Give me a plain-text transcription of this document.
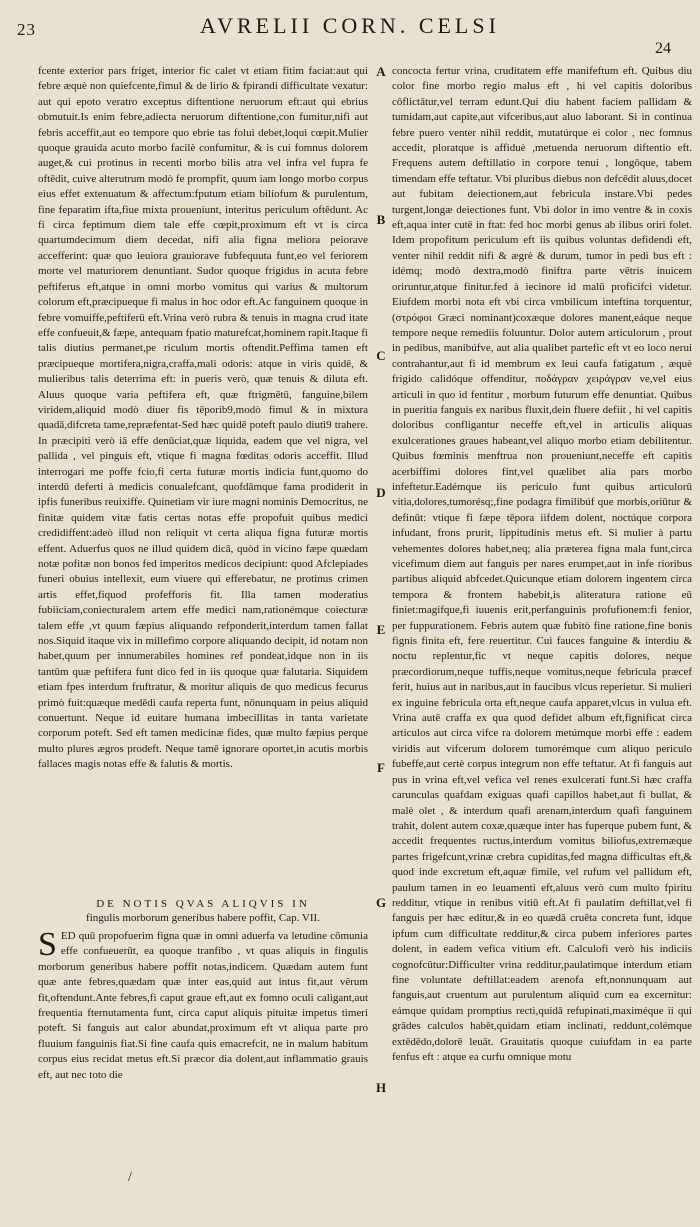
23	AVRELII CORN. CELSI
24

fcente exterior pars friget, interior fic calet vt etiam fitim faciat:aut qui febre æquè non quiefcente,fimul & de lirio & fpirandi difficultate vexatur: aut qui epoto veratro exceptus diftentione neruorum eft:aut qui ebrius obmutuit.Is enim febre,adiecta neruorum diftentione,con fumitur,nifi aut febris acceffit,aut eo tempore quo ebrie tas folui debet,loqui cœpit.Mulier quoque grauida acuto morbo facilè confumitur, & is cui fomnus dolorem auget,& cui protinus in recenti morbo bilis atra vel infra vel fupra fe oftēdit, cuive alterutrum modò fe prompfit, quum iam longo morbo corpus eius effet extenuatum & affectum:fputum etiam biliofum & purulentum, fine feparatim ifta,fiue mixta proueniunt, interitus periculum oftēdunt. Ac fi circa feptimum diem tale effe cœpit,proximum eft vt is circa quartumdecimum diem decedat, nifi alia figna meliora peiorave accefferint: quæ quo leuiora grauiorave fubfequuta funt,eo vel feriorem morte vel maturiorem denuntiant. Sudor quoque frigidus in acuta febre peftiferus eft,atque in omni morbo vomitus qui varius & multorum colorum eft,præcipueque fi malus in hoc odor eft.Ac fanguinem quoque in febre vomuiffe,peftiferū eft.Vrina verò rubra & tenuis in magna crud itate effe confueuit,& fæpe, antequam fpatio maturefcat,hominem rapit.Itaque fi talis diutius permanet,pe riculum mortis oftendit.Peffima tamen eft præcipueque mortifera,nigra,craffa,mali odoris: atque in viris quidē, & mulieribus talis deterrima eft: in pueris verò, quæ tenuis & diluta eft. Aluus quoque varia peftifera eft, quæ ftrigmētū, fanguine,bilem viridem,aliquid modò diuer fis tēporib9,modò fimul & in mixtura quadā,difcreta tame,repræfentat-Sed hæc quidē poteft paulo diuti9 trahere. In præcipiti verò iā effe denūciat,quæ liquida, eadem que vel nigra, vel pallida , vel pinguis eft, vtique fi magna fœditas odoris acceffit. Illud interrogari me poffe fcio,fi certa futuræ mortis indicia funt,quomo do interdū deferti à medicis conualefcant, quofdāmque fama prodiderit in ipfis funeribus reuixiffe. Quinetiam vir iure magni nominis Democritus, ne finitæ quidem vitæ fatis certas notas effe propofuit quibus medici credidiffent:adeò illud non reliquit vt certa aliqua figna futuræ mortis effent. Aduerfus quos ne illud quidem dicā, quòd in vicino fæpe quædam notæ pofitæ non bonos fed imperitos medicos decipiunt: quod Afclepiades funeri obuius intellexit, eum viuere qui efferebatur, ne protinus crimen artis effet,fiquod profefforis fit. Illa tamen moderatius fubiiciam,coniecturalem artem effe medici nam,rationémque coiecturæ talem effe ,vt quum fæpius aliquando refponderit,interdum tamen fallat nos.Siquid itaque vix in millefimo corpore aliquando decipit, id notam non habet,quum per innumerabiles homines ref pondeat,idque non in iis tantūm quæ peftifera funt dico fed in iis quoque quæ falutaria. Siquidem etiam fpes interdum fruftratur, & moritur aliquis de quo medicus fecurus primò fuit:quæque medēdi caufa reperta funt, nōnunquam in peius aliquid conuertunt. Neque id euitare humana imbecillitas in tanta varietate corporum poteft. Sed eft tamen medicinæ fides, quæ multo fæpius perque multo plures ægros prodeft. Neque tamē ignorare oportet,in acutis morbis fallaces magis notas effe & falutis & mortis.

DE NOTIS QVAS ALIQVIS IN
fingulis morborum generibus habere poffit, Cap. VII.

SED quū propofuerim figna quæ in omni aduerfa va letudine cōmunia effe confueuerūt, ea quoque tranfibo , vt quas aliquis in fingulis morborum generibus habere poffit notas,indicem. Quædam autem funt quæ ante febres,quædam quæ inter eas,quid aut intus fit,aut vērum fit,oftendunt.Ante febres,fi caput graue eft,aut ex fomno oculi caligant,aut frequentia fternutamenta funt, circa caput aliquis pituitæ impetus timeri poteft. Si fanguis aut calor abundat,proximum eft vt aliqua parte pro fluuium fanguinis fiat.Si fine caufa quis emacrefcit, ne in malum habitum corpus eius recidat metus eft.Si præcor dia dolent,aut inflammatio grauis eft, aut nec toto die

A
B
C
D
E
F
G
H

concocta fertur vrina, cruditatem effe manifeftum eft. Quibus diu color fine morbo regio malus eft , hi vel capitis doloribus cōflictātur,vel terram edunt.Qui diu habent faciem pallidam & tumidam,aut capite,aut vifceribus,aut aluo laborant. Si in continua febre puero venter nihil reddit, mutatúrque ei color , nec fomnus accedit, ploratque is affiduè ,metuenda neruorum diftentio eft. Frequens autem deftillatio in corpore tenui , longōque, tabem timendam effe teftatur. Vbi pluribus diebus non defcēdit aluus,docet aut fubitam deiectionem,aut febricula instare.Vbi pedes turgent,longæ deiectiones funt. Vbi dolor in imo ventre & in coxis eft,aqua inter cutē in ftat: fed hoc morbi genus ab ilibus oriri folet. Idem propofitum periculum eft iis quibus voluntas defidendi eft, venter nihil reddit nifi & ægrè & durum, tumor in pedi bus eft : idémq; modò dextra,modò finiftra parte vētris inuicem oriruntur,atque finitur.fed à iecinore id malū proficifci videtur. Eiufdem morbi nota eft vbi circa vmbilicum inteftina torquentur,(στρόφοι Græci nominant)coxæque dolores manent,eáque neque tempore neque remediis foluuntur. Dolor autem articulorum , prout in pedibus, manibúfve, aut alia qualibet partefic eft vt eo loco nerui contrahantur,aut fi id membrum ex leui caufa fatigatum , æquè frigido calidóque offenditur, ποδάγραν χειράγραν ve,vel eius articuli in quo id fentitur , morbum futurum effe denuntiat. Quibus in pueritia fanguis ex naribus fluxit,dein fluere defiit , hi vel capitis doloribus confligantur neceffe eft,vel in articulis aliquas exulcerationes graues habeant,vel aliquo morbo etiam debilitentur. Quibus fœminis menftrua non proueniunt,neceffe eft capitis acerbiffimi dolores fint,vel quælibet alia pars morbo infeftetur.Eadémque iis periculo funt quibus articulorū vitia,dolores,tumorésq;,fine podagra fimilibúf que morbis,oriūtur & definūt: vtique fi fæpe tēpora iifdem dolent, noctúque corpora infudant, frons prurit, lippitudinis metus eft. Si mulier à partu vehementes dolores habet,neq; alia præterea figna mala funt,circa vicefimum diem aut fanguis per nares erumpet,aut in infe rioribus partibus aliquid abfcedet.Quicunque etiam dolorem ingentem circa tempora & frontem habebit,is aliteratura ratione eū finiet:magifque,fi iuuenis erit,perfanguinis profufionem:fi fenior, per fuppurationem. Febris autem quæ fubitò fine ratione,fine bonis fignis finita eft, fere reuertitur. Cui fauces fanguine & interdiu & noctu replentur,fic vt neque capitis dolores, neque præcordiorum,neque tuffis,neque vomitus,neque febricula præcef ferit, huius aut in naribus,aut in faucibus vlcus reperietur. Si mulieri ex inguine febricula orta eft,neque caufa apparet,vlcus in vulua eft. Vrina autē craffa ex qua quod defidet album eft,fignificat circa articulos aut circa vifce ra dolorem metúmque morbi effe : eadem viridis aut vifcerum dolorem tumorémque cum aliquo periculo fubeffe,aut certè corpus integrum non effe teftatur. At fi fanguis aut pus in vrina eft,vel vefica vel renes exulcerati funt.Si hæc craffa carunculas quafdam exiguas quafi capillos habet,aut fi bullat, & malè olet , & interdum quafi arenam,interdum quafi fanguinem trahit, dolent autem coxæ,quæque inter has fuperque pubem funt, & accedit frequentes ructus,interdum vomitus biliofus,extremæque partes frigefcunt,vrinæ crebra cupiditas,fed magna difficultas eft,& quod inde excretum eft,aquæ fimile, vel rufum vel pallidum eft, paulum tamen in eo leuamenti eft,aluus verò cum multo fpiritu redditur, vtique in renibus vitiū eft.At fi paulatim deftillat,vel fi fanguis per hæc editur,& in eo quædā cruēta concreta funt, idque ipfum cum difficultate redditur,& circa pubem inferiores partes dolent, in eadem vefica vitium eft. Calculofi verò his indiciis cognofcūtur:Difficulter vrina redditur,paulatimque interdum etiam fine voluntate deftillat:eadem arenofa eft,nonnunquam aut fanguis,aut cruentum aut purulentum aliquid cum ea excernitur: eámque quidam promptius rectì,quidā refupinati,maximéque ii qui grādes calculos habēt,quidam etiam inclinati, reddunt,colémque extēdēdo,dolorē leuāt. Grauitatis quoque cuiufdam in ea parte fenfus eft : atque ea curfu omnique motu

/
